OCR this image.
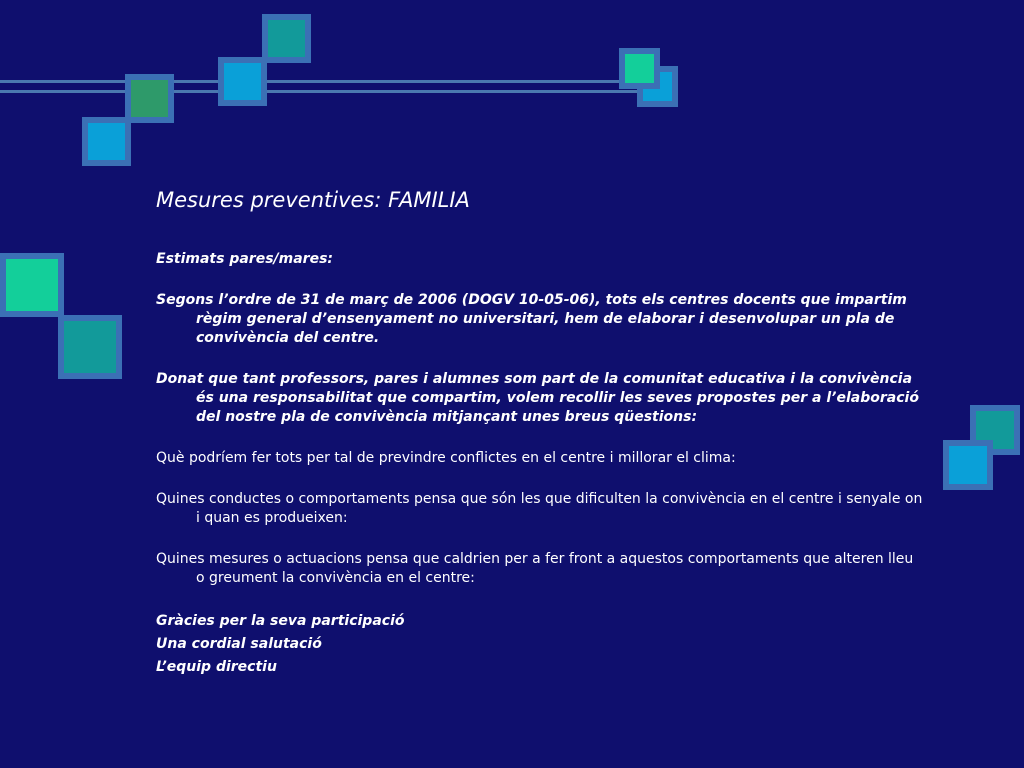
Mesures preventives: FAMILIA
Estimats pares/mares:
Segons l’ordre de 31 de març de 2006 (DOGV 10-05-06), tots els centres docents que impartim règim general d’ensenyament no universitari, hem de elaborar i desenvolupar un pla de convivència del centre.
Donat que tant professors, pares i alumnes som part de la comunitat educativa i la convivència és una responsabilitat que compartim, volem recollir les seves propostes per a l’elaboració del nostre pla de convivència mitjançant unes breus qüestions:
Què podríem fer tots per tal de previndre conflictes en el centre i millorar el clima:
Quines conductes o comportaments pensa que són les que dificulten la convivència en el centre i senyale on i quan es produeixen:
Quines mesures o actuacions pensa que caldrien per a fer front a aquestos comportaments que alteren lleu o greument la convivència en el centre:
Gràcies per la seva participació
Una cordial salutació
L’equip directiu
